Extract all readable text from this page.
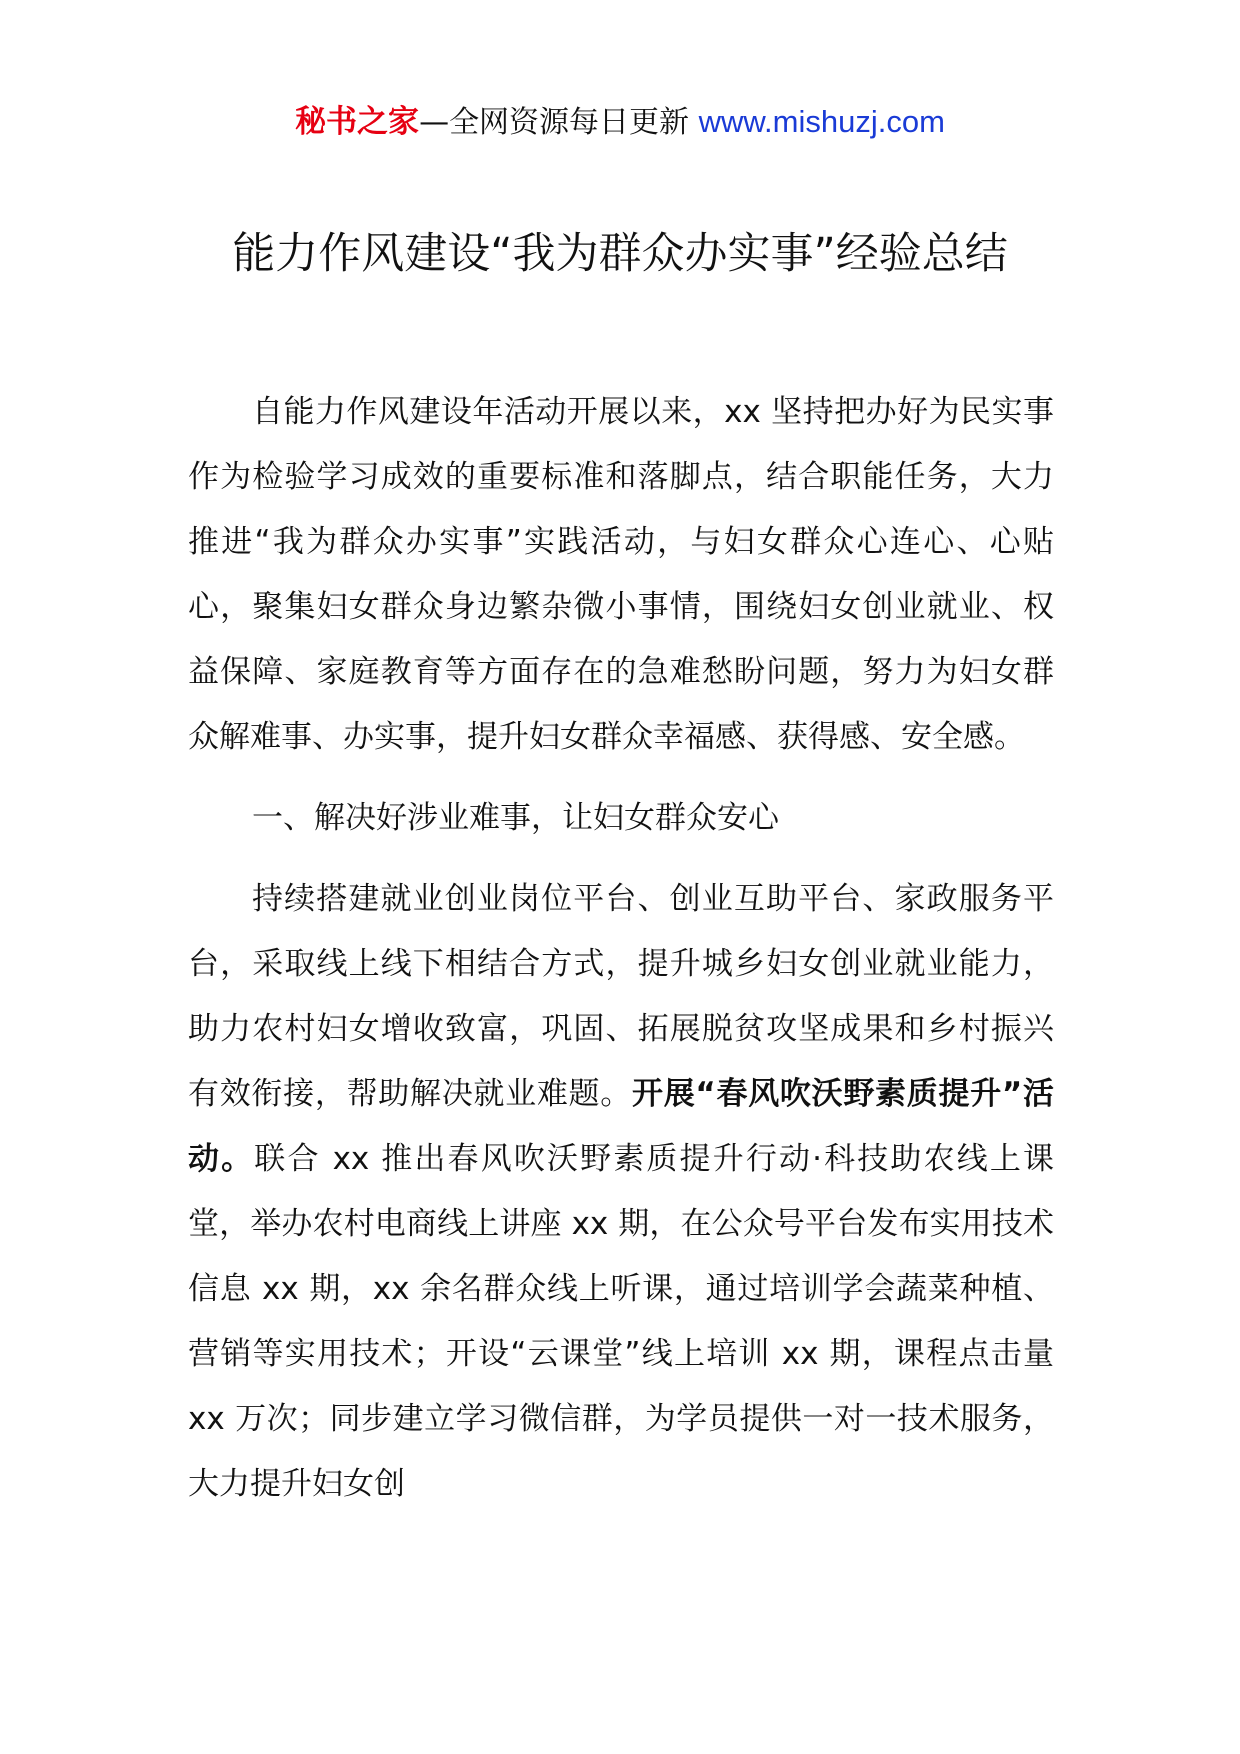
秘书之家—全网资源每日更新 www.mishuzj.com
能力作风建设“我为群众办实事”经验总结

自能力作风建设年活动开展以来，xx 坚持把办好为民实事作为检验学习成效的重要标准和落脚点，结合职能任务，大力推进“我为群众办实事”实践活动，与妇女群众心连心、心贴心，聚集妇女群众身边繁杂微小事情，围绕妇女创业就业、权益保障、家庭教育等方面存在的急难愁盼问题，努力为妇女群众解难事、办实事，提升妇女群众幸福感、获得感、安全感。

一、解决好涉业难事，让妇女群众安心

持续搭建就业创业岗位平台、创业互助平台、家政服务平台，采取线上线下相结合方式，提升城乡妇女创业就业能力，助力农村妇女增收致富，巩固、拓展脱贫攻坚成果和乡村振兴有效衔接，帮助解决就业难题。开展“春风吹沃野素质提升”活动。联合 xx 推出春风吹沃野素质提升行动·科技助农线上课堂，举办农村电商线上讲座 xx 期，在公众号平台发布实用技术信息 xx 期，xx 余名群众线上听课，通过培训学会蔬菜种植、营销等实用技术；开设“云课堂”线上培训 xx 期，课程点击量 xx 万次；同步建立学习微信群，为学员提供一对一技术服务，大力提升妇女创
